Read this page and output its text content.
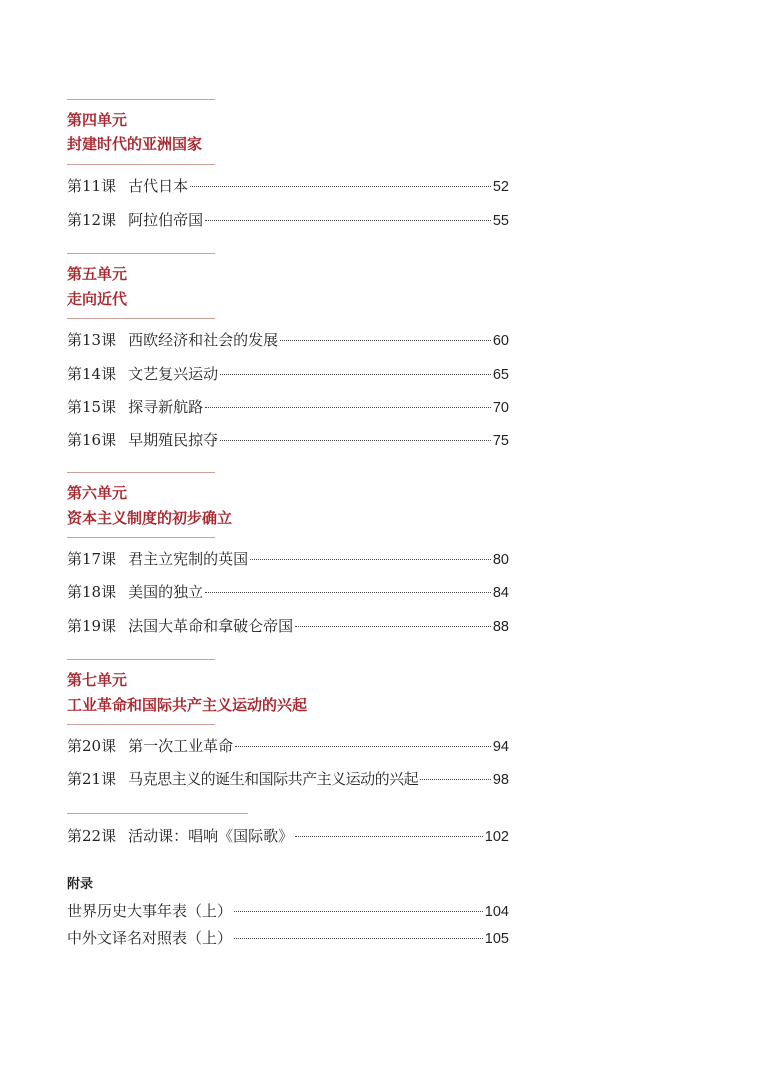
第四单元
封建时代的亚洲国家
第11课 古代日本	52
第12课 阿拉伯帝国	55
第五单元
走向近代
第13课 西欧经济和社会的发展	60
第14课 文艺复兴运动	65
第15课 探寻新航路	70
第16课 早期殖民掠夺	75
第六单元
资本主义制度的初步确立
第17课 君主立宪制的英国	80
第18课 美国的独立	84
第19课 法国大革命和拿破仑帝国	88
第七单元
工业革命和国际共产主义运动的兴起
第20课 第一次工业革命	94
第21课 马克思主义的诞生和国际共产主义运动的兴起	98
第22课 活动课：唱响《国际歌》	102
附录
世界历史大事年表（上）	104
中外文译名对照表（上）	105
